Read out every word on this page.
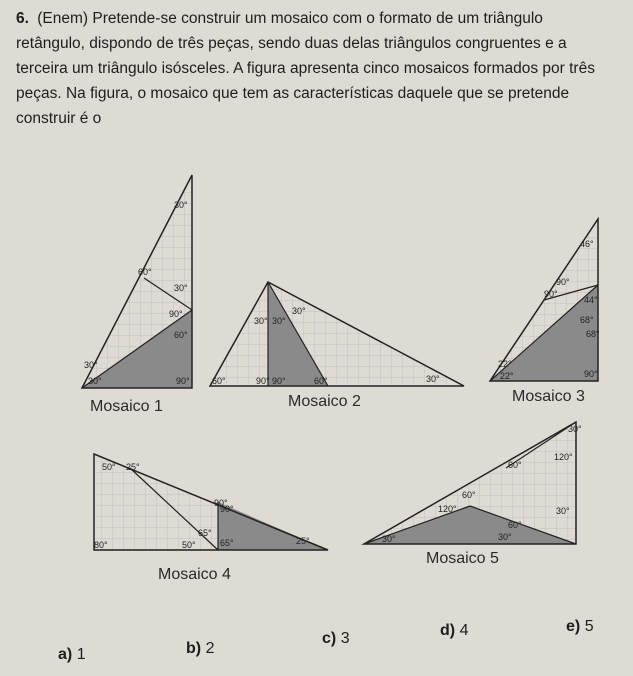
6. (Enem) Pretende-se construir um mosaico com o formato de um triângulo retângulo, dispondo de três peças, sendo duas delas triângulos congruentes e a terceira um triângulo isósceles. A figura apresenta cinco mosaicos formados por três peças. Na figura, o mosaico que tem as características daquele que se pretende construir é o
30°
60°
30°
90°
60°
30°
30°	90°
Mosaico 1
30°
30° 30°
60°	90° 90°	60°	30°
Mosaico 2
46°
90°
90°
44°
68°
68°
22°
22°	90°
Mosaico 3
50° 25°
90°
90°
65°
80°	50°	65°	25°
Mosaico 4
30°
120°
60°
60°
120°	30°
60°
30°
30°
Mosaico 5
a) 1	b) 2
c) 3	d) 4	e) 5
